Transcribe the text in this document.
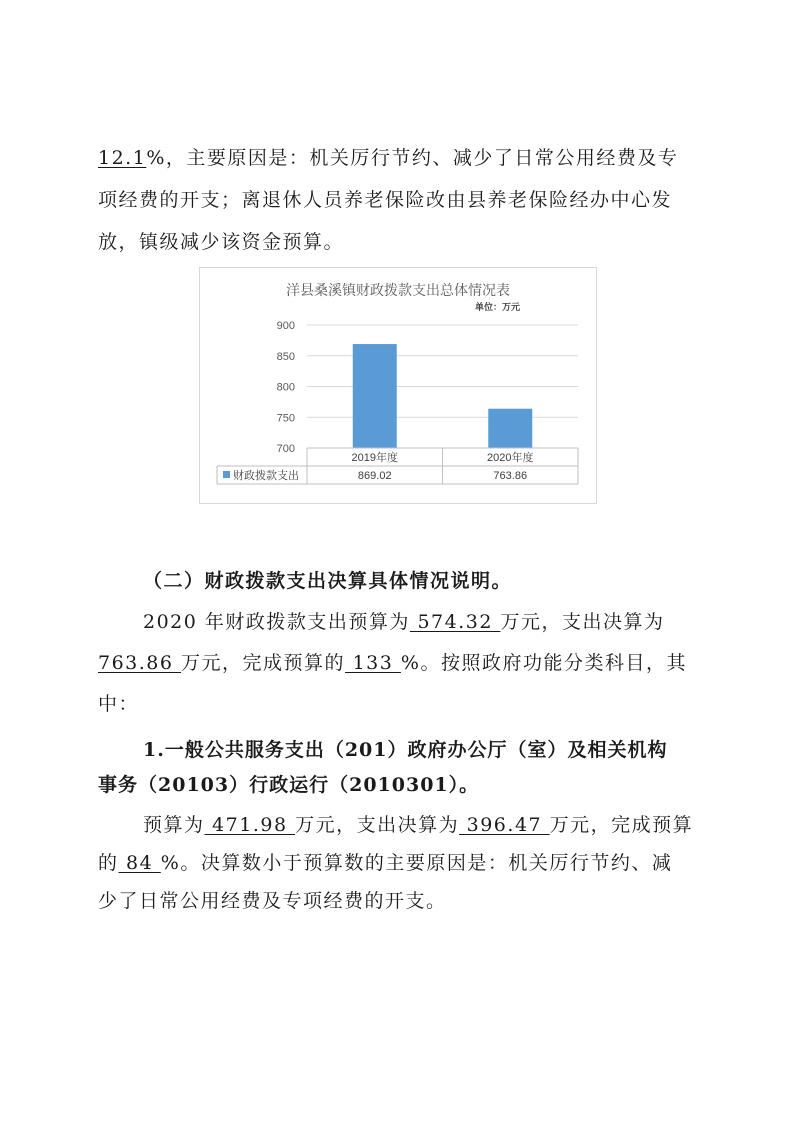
12.1%，主要原因是：机关厉行节约、减少了日常公用经费及专
项经费的开支；离退休人员养老保险改由县养老保险经办中心发
放，镇级减少该资金预算。
洋县桑溪镇财政拨款支出总体情况表
单位：万元
700
750
800
850
900
2019年度	2020年度
财政拨款支出	869.02	763.86
（二）财政拨款支出决算具体情况说明。
2020 年财政拨款支出预算为 574.32 万元，支出决算为
763.86 万元，完成预算的 133 %。按照政府功能分类科目，其
中：
1.一般公共服务支出（201）政府办公厅（室）及相关机构
事务（20103）行政运行（2010301）。
预算为 471.98 万元，支出决算为 396.47 万元，完成预算
的 84 %。决算数小于预算数的主要原因是：机关厉行节约、减
少了日常公用经费及专项经费的开支。
